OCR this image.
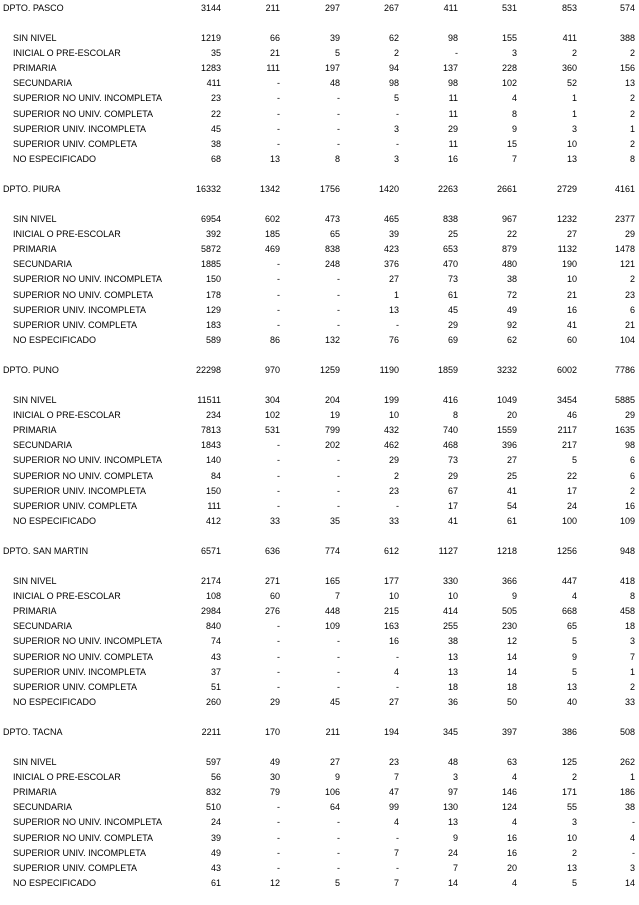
DPTO. PASCO	3144	211	297	267	411	531	853	574
SIN NIVEL	1219	66	39	62	98	155	411	388
INICIAL O PRE-ESCOLAR	35	21	5	2	-	3	2	2
PRIMARIA	1283	111	197	94	137	228	360	156
SECUNDARIA	411	-	48	98	98	102	52	13
SUPERIOR NO UNIV. INCOMPLETA	23	-	-	5	11	4	1	2
SUPERIOR NO UNIV. COMPLETA	22	-	-	-	11	8	1	2
SUPERIOR UNIV. INCOMPLETA	45	-	-	3	29	9	3	1
SUPERIOR UNIV. COMPLETA	38	-	-	-	11	15	10	2
NO ESPECIFICADO	68	13	8	3	16	7	13	8
DPTO. PIURA	16332	1342	1756	1420	2263	2661	2729	4161
SIN NIVEL	6954	602	473	465	838	967	1232	2377
INICIAL O PRE-ESCOLAR	392	185	65	39	25	22	27	29
PRIMARIA	5872	469	838	423	653	879	1132	1478
SECUNDARIA	1885	-	248	376	470	480	190	121
SUPERIOR NO UNIV. INCOMPLETA	150	-	-	27	73	38	10	2
SUPERIOR NO UNIV. COMPLETA	178	-	-	1	61	72	21	23
SUPERIOR UNIV. INCOMPLETA	129	-	-	13	45	49	16	6
SUPERIOR UNIV. COMPLETA	183	-	-	-	29	92	41	21
NO ESPECIFICADO	589	86	132	76	69	62	60	104
DPTO. PUNO	22298	970	1259	1190	1859	3232	6002	7786
SIN NIVEL	11511	304	204	199	416	1049	3454	5885
INICIAL O PRE-ESCOLAR	234	102	19	10	8	20	46	29
PRIMARIA	7813	531	799	432	740	1559	2117	1635
SECUNDARIA	1843	-	202	462	468	396	217	98
SUPERIOR NO UNIV. INCOMPLETA	140	-	-	29	73	27	5	6
SUPERIOR NO UNIV. COMPLETA	84	-	-	2	29	25	22	6
SUPERIOR UNIV. INCOMPLETA	150	-	-	23	67	41	17	2
SUPERIOR UNIV. COMPLETA	111	-	-	-	17	54	24	16
NO ESPECIFICADO	412	33	35	33	41	61	100	109
DPTO. SAN MARTIN	6571	636	774	612	1127	1218	1256	948
SIN NIVEL	2174	271	165	177	330	366	447	418
INICIAL O PRE-ESCOLAR	108	60	7	10	10	9	4	8
PRIMARIA	2984	276	448	215	414	505	668	458
SECUNDARIA	840	-	109	163	255	230	65	18
SUPERIOR NO UNIV. INCOMPLETA	74	-	-	16	38	12	5	3
SUPERIOR NO UNIV. COMPLETA	43	-	-	-	13	14	9	7
SUPERIOR UNIV. INCOMPLETA	37	-	-	4	13	14	5	1
SUPERIOR UNIV. COMPLETA	51	-	-	-	18	18	13	2
NO ESPECIFICADO	260	29	45	27	36	50	40	33
DPTO. TACNA	2211	170	211	194	345	397	386	508
SIN NIVEL	597	49	27	23	48	63	125	262
INICIAL O PRE-ESCOLAR	56	30	9	7	3	4	2	1
PRIMARIA	832	79	106	47	97	146	171	186
SECUNDARIA	510	-	64	99	130	124	55	38
SUPERIOR NO UNIV. INCOMPLETA	24	-	-	4	13	4	3	-
SUPERIOR NO UNIV. COMPLETA	39	-	-	-	9	16	10	4
SUPERIOR UNIV. INCOMPLETA	49	-	-	7	24	16	2	-
SUPERIOR UNIV. COMPLETA	43	-	-	-	7	20	13	3
NO ESPECIFICADO	61	12	5	7	14	4	5	14
